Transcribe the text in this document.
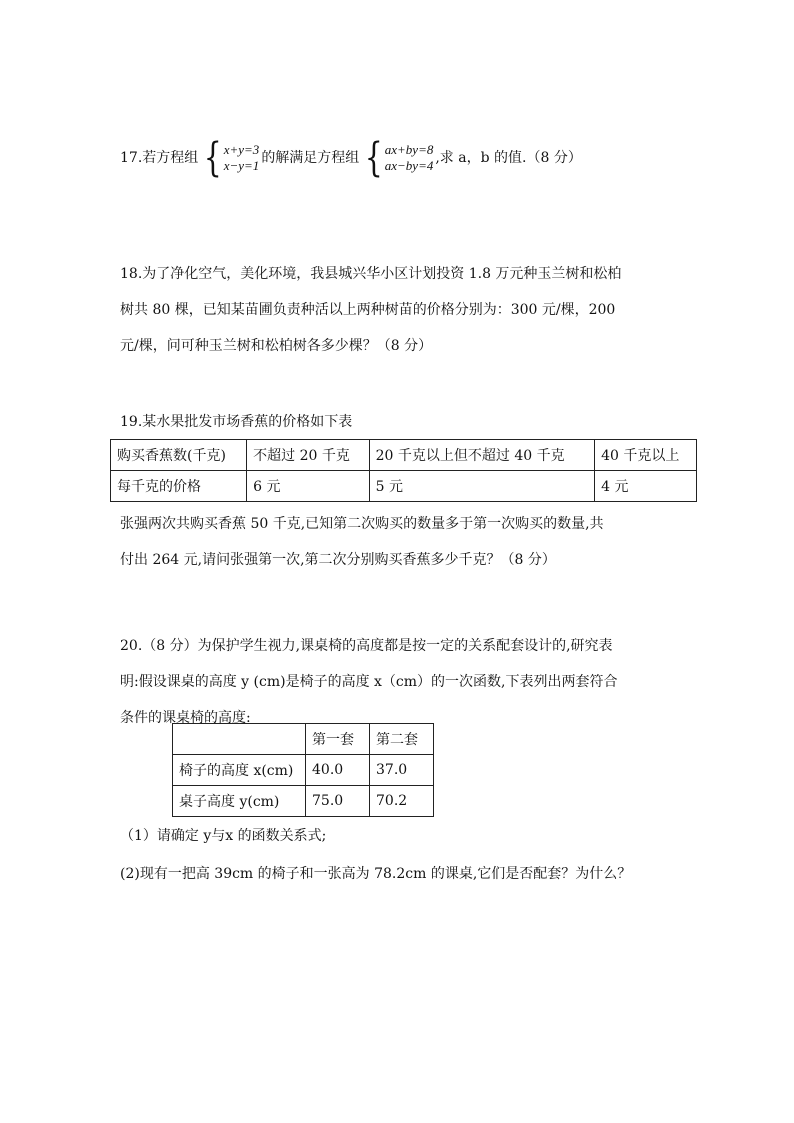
17.若方程组 { x+y=3
x−y=1 的解满足方程组 { ax+by=8
ax−by=4 ,求 a，b 的值.（8 分）
18.为了净化空气，美化环境，我县城兴华小区计划投资 1.8 万元种玉兰树和松柏
树共 80 棵，已知某苗圃负责种活以上两种树苗的价格分别为：300 元/棵，200
元/棵，问可种玉兰树和松柏树各多少棵？（8 分）
19.某水果批发市场香蕉的价格如下表
购买香蕉数(千克)	不超过 20 千克	20 千克以上但不超过 40 千克	40 千克以上
每千克的价格	6 元	5 元	4 元
张强两次共购买香蕉 50 千克,已知第二次购买的数量多于第一次购买的数量,共
付出 264 元,请问张强第一次,第二次分别购买香蕉多少千克？（8 分）
20.（8 分）为保护学生视力,课桌椅的高度都是按一定的关系配套设计的,研究表
明:假设课桌的高度 y (cm)是椅子的高度 x（cm）的一次函数,下表列出两套符合
条件的课桌椅的高度:
	第一套	第二套
椅子的高度 x(cm)	40.0	37.0
桌子高度 y(cm)	75.0	70.2
（1）请确定 y与x 的函数关系式;
(2)现有一把高 39cm 的椅子和一张高为 78.2cm 的课桌,它们是否配套？为什么？
